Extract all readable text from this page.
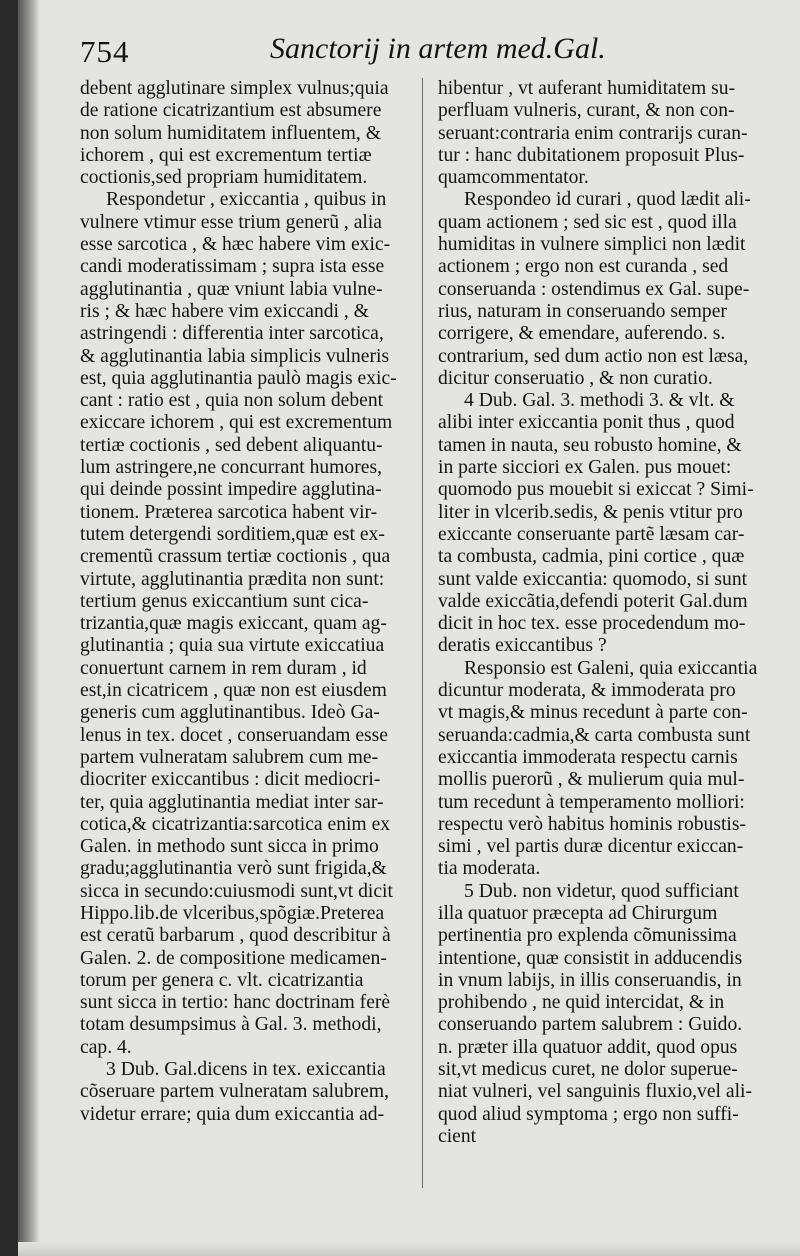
754	Sanctorij in artem med.Gal.
debent agglutinare simplex vulnus;quia
de ratione cicatrizantium est absumere
non solum humiditatem influentem, &
ichorem , qui est excrementum tertiæ
coctionis,sed propriam humiditatem.
Respondetur , exiccantia , quibus in
vulnere vtimur esse trium generũ , alia
esse sarcotica , & hæc habere vim exic-
candi moderatissimam ; supra ista esse
agglutinantia , quæ vniunt labia vulne-
ris ; & hæc habere vim exiccandi , &
astringendi : differentia inter sarcotica,
& agglutinantia labia simplicis vulneris
est, quia agglutinantia paulò magis exic-
cant : ratio est , quia non solum debent
exiccare ichorem , qui est excrementum
tertiæ coctionis , sed debent aliquantu-
lum astringere,ne concurrant humores,
qui deinde possint impedire agglutina-
tionem. Præterea sarcotica habent vir-
tutem detergendi sorditiem,quæ est ex-
crementũ crassum tertiæ coctionis , qua
virtute, agglutinantia prædita non sunt:
tertium genus exiccantium sunt cica-
trizantia,quæ magis exiccant, quam ag-
glutinantia ; quia sua virtute exiccatiua
conuertunt carnem in rem duram , id
est,in cicatricem , quæ non est eiusdem
generis cum agglutinantibus. Ideò Ga-
lenus in tex. docet , conseruandam esse
partem vulneratam salubrem cum me-
diocriter exiccantibus : dicit mediocri-
ter, quia agglutinantia mediat inter sar-
cotica,& cicatrizantia:sarcotica enim ex
Galen. in methodo sunt sicca in primo
gradu;agglutinantia verò sunt frigida,&
sicca in secundo:cuiusmodi sunt,vt dicit
Hippo.lib.de vlceribus,spõgiæ.Preterea
est ceratũ barbarum , quod describitur à
Galen. 2. de compositione medicamen-
torum per genera c. vlt. cicatrizantia
sunt sicca in tertio: hanc doctrinam ferè
totam desumpsimus à Gal. 3. methodi,
cap. 4.
3 Dub. Gal.dicens in tex. exiccantia
cõseruare partem vulneratam salubrem,
videtur errare; quia dum exiccantia ad-
hibentur , vt auferant humiditatem su-
perfluam vulneris, curant, & non con-
seruant:contraria enim contrarijs curan-
tur : hanc dubitationem proposuit Plus-
quamcommentator.
Respondeo id curari , quod lædit ali-
quam actionem ; sed sic est , quod illa
humiditas in vulnere simplici non lædit
actionem ; ergo non est curanda , sed
conseruanda : ostendimus ex Gal. supe-
rius, naturam in conseruando semper
corrigere, & emendare, auferendo. s.
contrarium, sed dum actio non est læsa,
dicitur conseruatio , & non curatio.
4 Dub. Gal. 3. methodi 3. & vlt. &
alibi inter exiccantia ponit thus , quod
tamen in nauta, seu robusto homine, &
in parte sicciori ex Galen. pus mouet:
quomodo pus mouebit si exiccat ? Simi-
liter in vlcerib.sedis, & penis vtitur pro
exiccante conseruante partẽ læsam car-
ta combusta, cadmia, pini cortice , quæ
sunt valde exiccantia: quomodo, si sunt
valde exiccãtia,defendi poterit Gal.dum
dicit in hoc tex. esse procedendum mo-
deratis exiccantibus ?
Responsio est Galeni, quia exiccantia
dicuntur moderata, & immoderata pro
vt magis,& minus recedunt à parte con-
seruanda:cadmia,& carta combusta sunt
exiccantia immoderata respectu carnis
mollis puerorũ , & mulierum quia mul-
tum recedunt à temperamento molliori:
respectu verò habitus hominis robustis-
simi , vel partis duræ dicentur exiccan-
tia moderata.
5 Dub. non videtur, quod sufficiant
illa quatuor præcepta ad Chirurgum
pertinentia pro explenda cõmunissima
intentione, quæ consistit in adducendis
in vnum labijs, in illis conseruandis, in
prohibendo , ne quid intercidat, & in
conseruando partem salubrem : Guido.
n. præter illa quatuor addit, quod opus
sit,vt medicus curet, ne dolor superue-
niat vulneri, vel sanguinis fluxio,vel ali-
quod aliud symptoma ; ergo non suffi-
cient
